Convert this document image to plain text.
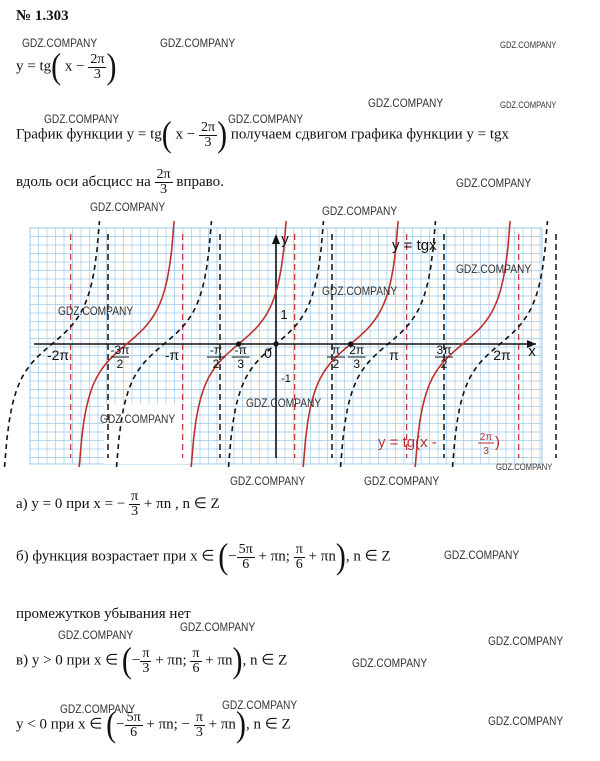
№ 1.303
y = tg( $x - \frac{2\pi}{3}$ )
График функции y = tg( $x - \frac{2\pi}{3}$ ) получаем сдвигом графика функции y = tgx
вдоль оси абсцисс на $\frac{2\pi}{3}$ вправо.
-2π	-3π
2
-π	-π
2
-π
3
0	π
2
2π
3
π	3π
2
2π
1
-1
x
y	y = tgx
y = tg(x -	2π
3
)
а) y = 0 при x = − $\frac{\pi}{3} + \pi n$ , n ∈ Z
б) функция возрастает при x ∈ (− $\frac{5\pi}{6} + \pi n$; $\frac{\pi}{6} + \pi n$), n ∈ Z
промежутков убывания нет
в) y > 0 при x ∈ (− $\frac{\pi}{3} + \pi n$; $\frac{\pi}{6} + \pi n$), n ∈ Z
y < 0 при x ∈ (− $\frac{5\pi}{6} + \pi n$; − $\frac{\pi}{3} + \pi n$), n ∈ Z
GDZ.COMPANY	GDZ.COMPANY	GDZ.COMPANY
GDZ.COMPANY	GDZ.COMPANY
GDZ.COMPANY	GDZ.COMPANY
GDZ.COMPANY
GDZ.COMPANY	GDZ.COMPANY
GDZ.COMPANY
GDZ.COMPANY
GDZ.COMPANY
GDZ.COMPANY
GDZ.COMPANY
GDZ.COMPANY
GDZ.COMPANY	GDZ.COMPANY
GDZ.COMPANY
GDZ.COMPANY
GDZ.COMPANY
GDZ.COMPANY
GDZ.COMPANY
GDZ.COMPANY	GDZ.COMPANY
GDZ.COMPANY
